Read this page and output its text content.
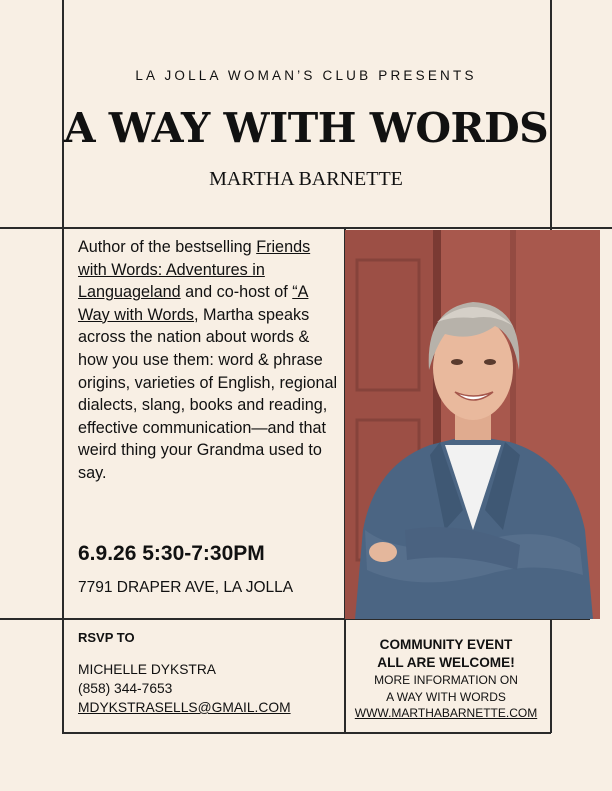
LA JOLLA WOMAN’S CLUB PRESENTS
A WAY WITH WORDS
MARTHA BARNETTE
Author of the bestselling Friends with Words: Adventures in Languageland and co-host of “A Way with Words, Martha speaks across the nation about words & how you use them: word & phrase origins, varieties of English, regional dialects, slang, books and reading, effective communication—and that weird thing your Grandma used to say.
6.9.26 5:30-7:30PM
7791 DRAPER AVE, LA JOLLA
RSVP TO
MICHELLE DYKSTRA
(858) 344-7653
MDYKSTRASELLS@GMAIL.COM
COMMUNITY EVENT
ALL ARE WELCOME!
MORE INFORMATION ON
A WAY WITH WORDS
WWW.MARTHABARNETTE.COM
